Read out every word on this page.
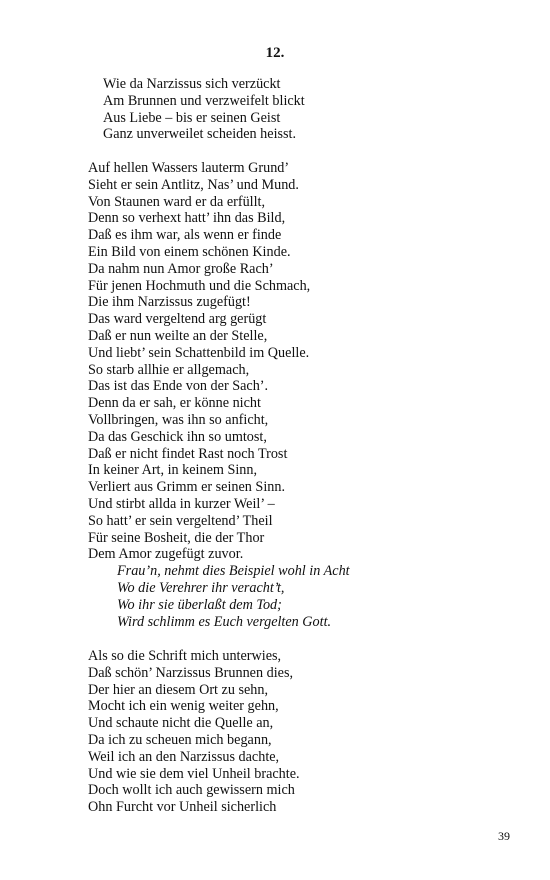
12.
Wie da Narzissus sich verzückt
Am Brunnen und verzweifelt blickt
Aus Liebe – bis er seinen Geist
Ganz unverweilet scheiden heisst.
Auf hellen Wassers lauterm Grund’
Sieht er sein Antlitz, Nas’ und Mund.
Von Staunen ward er da erfüllt,
Denn so verhext hatt’ ihn das Bild,
Daß es ihm war, als wenn er finde
Ein Bild von einem schönen Kinde.
Da nahm nun Amor große Rach’
Für jenen Hochmuth und die Schmach,
Die ihm Narzissus zugefügt!
Das ward vergeltend arg gerügt
Daß er nun weilte an der Stelle,
Und liebt’ sein Schattenbild im Quelle.
So starb allhie er allgemach,
Das ist das Ende von der Sach’.
Denn da er sah, er könne nicht
Vollbringen, was ihn so anficht,
Da das Geschick ihn so umtost,
Daß er nicht findet Rast noch Trost
In keiner Art, in keinem Sinn,
Verliert aus Grimm er seinen Sinn.
Und stirbt allda in kurzer Weil’ –
So hatt’ er sein vergeltend’ Theil
Für seine Bosheit, die der Thor
Dem Amor zugefügt zuvor.
Frau’n, nehmt dies Beispiel wohl in Acht
Wo die Verehrer ihr veracht’t,
Wo ihr sie überlaßt dem Tod;
Wird schlimm es Euch vergelten Gott.
Als so die Schrift mich unterwies,
Daß schön’ Narzissus Brunnen dies,
Der hier an diesem Ort zu sehn,
Mocht ich ein wenig weiter gehn,
Und schaute nicht die Quelle an,
Da ich zu scheuen mich begann,
Weil ich an den Narzissus dachte,
Und wie sie dem viel Unheil brachte.
Doch wollt ich auch gewissern mich
Ohn Furcht vor Unheil sicherlich
39
